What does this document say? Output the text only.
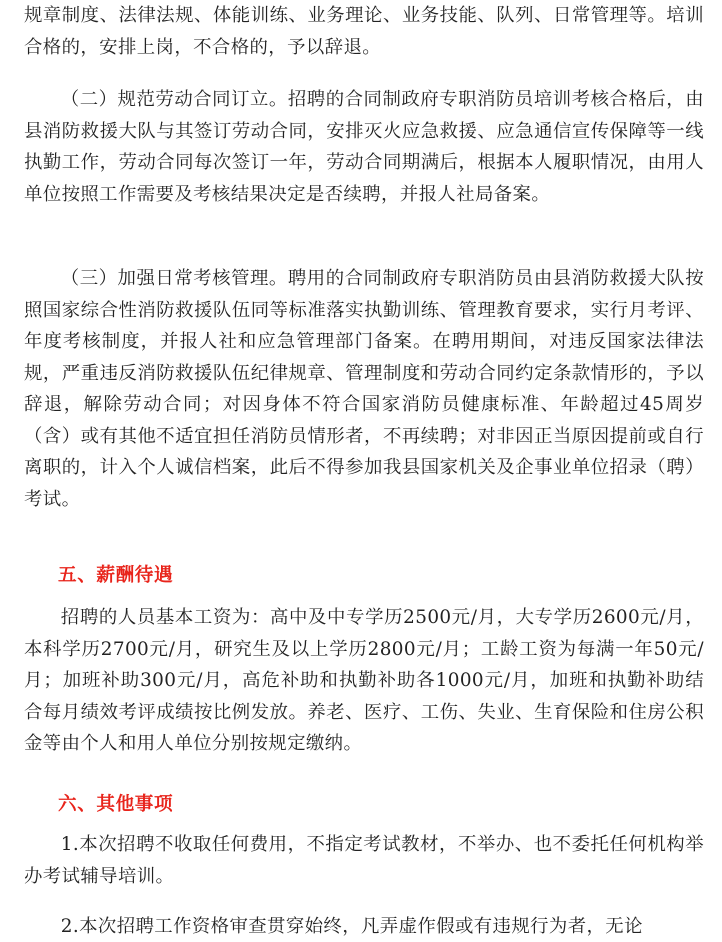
规章制度、法律法规、体能训练、业务理论、业务技能、队列、日常管理等。培训合格的，安排上岗，不合格的，予以辞退。

（二）规范劳动合同订立。招聘的合同制政府专职消防员培训考核合格后，由县消防救援大队与其签订劳动合同，安排灭火应急救援、应急通信宣传保障等一线执勤工作，劳动合同每次签订一年，劳动合同期满后，根据本人履职情况，由用人单位按照工作需要及考核结果决定是否续聘，并报人社局备案。

（三）加强日常考核管理。聘用的合同制政府专职消防员由县消防救援大队按照国家综合性消防救援队伍同等标准落实执勤训练、管理教育要求，实行月考评、年度考核制度，并报人社和应急管理部门备案。在聘用期间，对违反国家法律法规，严重违反消防救援队伍纪律规章、管理制度和劳动合同约定条款情形的，予以辞退，解除劳动合同；对因身体不符合国家消防员健康标准、年龄超过45周岁（含）或有其他不适宜担任消防员情形者，不再续聘；对非因正当原因提前或自行离职的，计入个人诚信档案，此后不得参加我县国家机关及企事业单位招录（聘）考试。

五、薪酬待遇

招聘的人员基本工资为：高中及中专学历2500元/月，大专学历2600元/月，本科学历2700元/月，研究生及以上学历2800元/月；工龄工资为每满一年50元/月；加班补助300元/月，高危补助和执勤补助各1000元/月，加班和执勤补助结合每月绩效考评成绩按比例发放。养老、医疗、工伤、失业、生育保险和住房公积金等由个人和用人单位分别按规定缴纳。

六、其他事项

1.本次招聘不收取任何费用，不指定考试教材，不举办、也不委托任何机构举办考试辅导培训。

2.本次招聘工作资格审查贯穿始终，凡弄虚作假或有违规行为者，无论
